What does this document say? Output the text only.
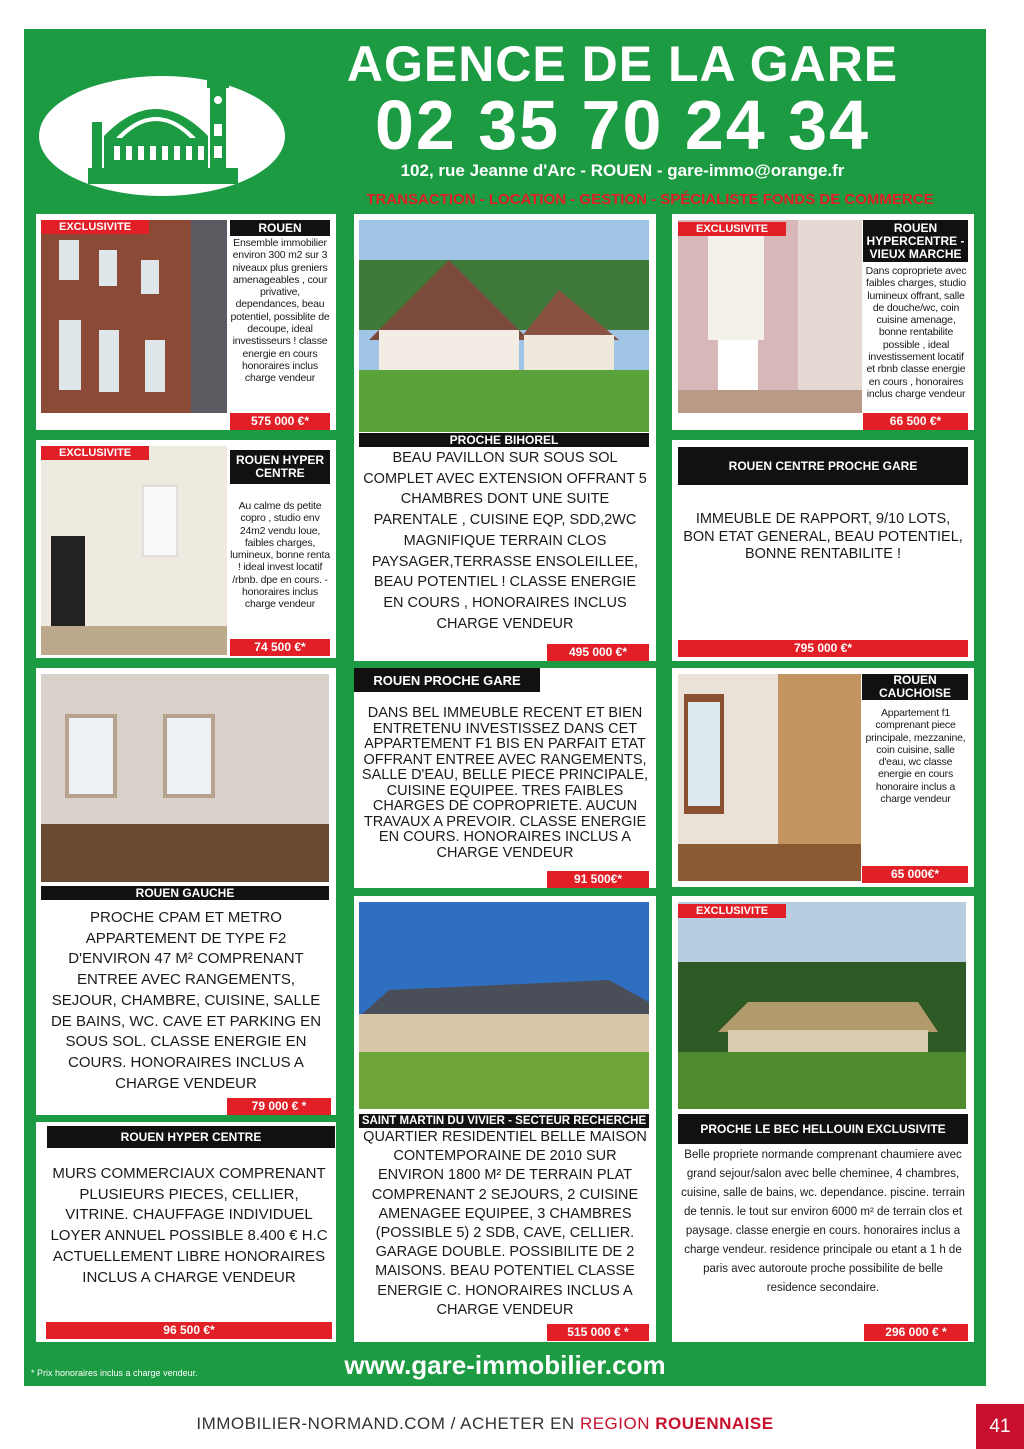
AGENCE DE LA GARE
02 35 70 24 34
102, rue Jeanne d'Arc - ROUEN - gare-immo@orange.fr
TRANSACTION - LOCATION - GESTION - SPÉCIALISTE FONDS DE COMMERCE
EXCLUSIVITE	ROUEN
Ensemble immobilier environ 300 m2 sur 3 niveaux plus greniers amenageables , cour privative, dependances, beau potentiel, possiblite de decoupe, ideal investisseurs ! classe energie en cours honoraires inclus charge vendeur
575 000 €*
PROCHE BIHOREL
BEAU PAVILLON SUR SOUS SOL COMPLET AVEC EXTENSION OFFRANT 5 CHAMBRES DONT UNE SUITE PARENTALE , CUISINE EQP, SDD,2WC MAGNIFIQUE TERRAIN CLOS PAYSAGER,TERRASSE ENSOLEILLEE, BEAU POTENTIEL ! CLASSE ENERGIE EN COURS , HONORAIRES INCLUS CHARGE VENDEUR
495 000 €*
EXCLUSIVITE	ROUEN HYPERCENTRE -VIEUX MARCHE
Dans copropriete avec faibles charges, studio lumineux offrant, salle de douche/wc, coin cuisine amenage, bonne rentabilite possible , ideal investissement locatif et rbnb classe energie en cours , honoraires inclus charge vendeur
66 500 €*
EXCLUSIVITE	ROUEN HYPER CENTRE
Au calme ds petite copro , studio env 24m2 vendu loue, faibles charges, lumineux, bonne renta ! ideal invest locatif /rbnb. dpe en cours. - honoraires inclus charge vendeur
74 500 €*
ROUEN CENTRE PROCHE GARE
IMMEUBLE DE RAPPORT, 9/10 LOTS, BON ETAT GENERAL, BEAU POTENTIEL, BONNE RENTABILITE !
795 000 €*
ROUEN GAUCHE
PROCHE CPAM ET METRO APPARTEMENT DE TYPE F2 D'ENVIRON 47 M² COMPRENANT ENTREE AVEC RANGEMENTS, SEJOUR, CHAMBRE, CUISINE, SALLE DE BAINS, WC. CAVE ET PARKING EN SOUS SOL. CLASSE ENERGIE EN COURS. HONORAIRES INCLUS A CHARGE VENDEUR
79 000 € *
ROUEN PROCHE GARE
DANS BEL IMMEUBLE RECENT ET BIEN ENTRETENU INVESTISSEZ DANS CET APPARTEMENT F1 BIS EN PARFAIT ETAT OFFRANT ENTREE AVEC RANGEMENTS, SALLE D'EAU, BELLE PIECE PRINCIPALE, CUISINE EQUIPEE. TRES FAIBLES CHARGES DE COPROPRIETE. AUCUN TRAVAUX A PREVOIR. CLASSE ENERGIE EN COURS. HONORAIRES INCLUS A CHARGE VENDEUR
91 500€*
ROUEN CAUCHOISE
Appartement f1 comprenant piece principale, mezzanine, coin cuisine, salle d'eau, wc classe energie en cours honoraire inclus a charge vendeur
65 000€*
ROUEN HYPER CENTRE
MURS COMMERCIAUX COMPRENANT PLUSIEURS PIECES, CELLIER, VITRINE. CHAUFFAGE INDIVIDUEL LOYER ANNUEL POSSIBLE 8.400 € H.C ACTUELLEMENT LIBRE HONORAIRES INCLUS A CHARGE VENDEUR
96 500 €*
SAINT MARTIN DU VIVIER - SECTEUR RECHERCHE
QUARTIER RESIDENTIEL BELLE MAISON CONTEMPORAINE DE 2010 SUR ENVIRON 1800 M² DE TERRAIN PLAT COMPRENANT 2 SEJOURS, 2 CUISINE AMENAGEE EQUIPEE, 3 CHAMBRES (POSSIBLE 5) 2 SDB, CAVE, CELLIER. GARAGE DOUBLE. POSSIBILITE DE 2 MAISONS. BEAU POTENTIEL CLASSE ENERGIE C. HONORAIRES INCLUS A CHARGE VENDEUR
515 000 € *
EXCLUSIVITE
PROCHE LE BEC HELLOUIN EXCLUSIVITE
Belle propriete normande comprenant chaumiere avec grand sejour/salon avec belle cheminee, 4 chambres, cuisine, salle de bains, wc. dependance. piscine. terrain de tennis. le tout sur environ 6000 m² de terrain clos et paysage. classe energie en cours. honoraires inclus a charge vendeur. residence principale ou etant a 1 h de paris avec autoroute proche possibilite de belle residence secondaire.
296 000 € *
* Prix honoraires inclus a charge vendeur.	www.gare-immobilier.com
IMMOBILIER-NORMAND.COM / ACHETER EN REGION ROUENNAISE	41
